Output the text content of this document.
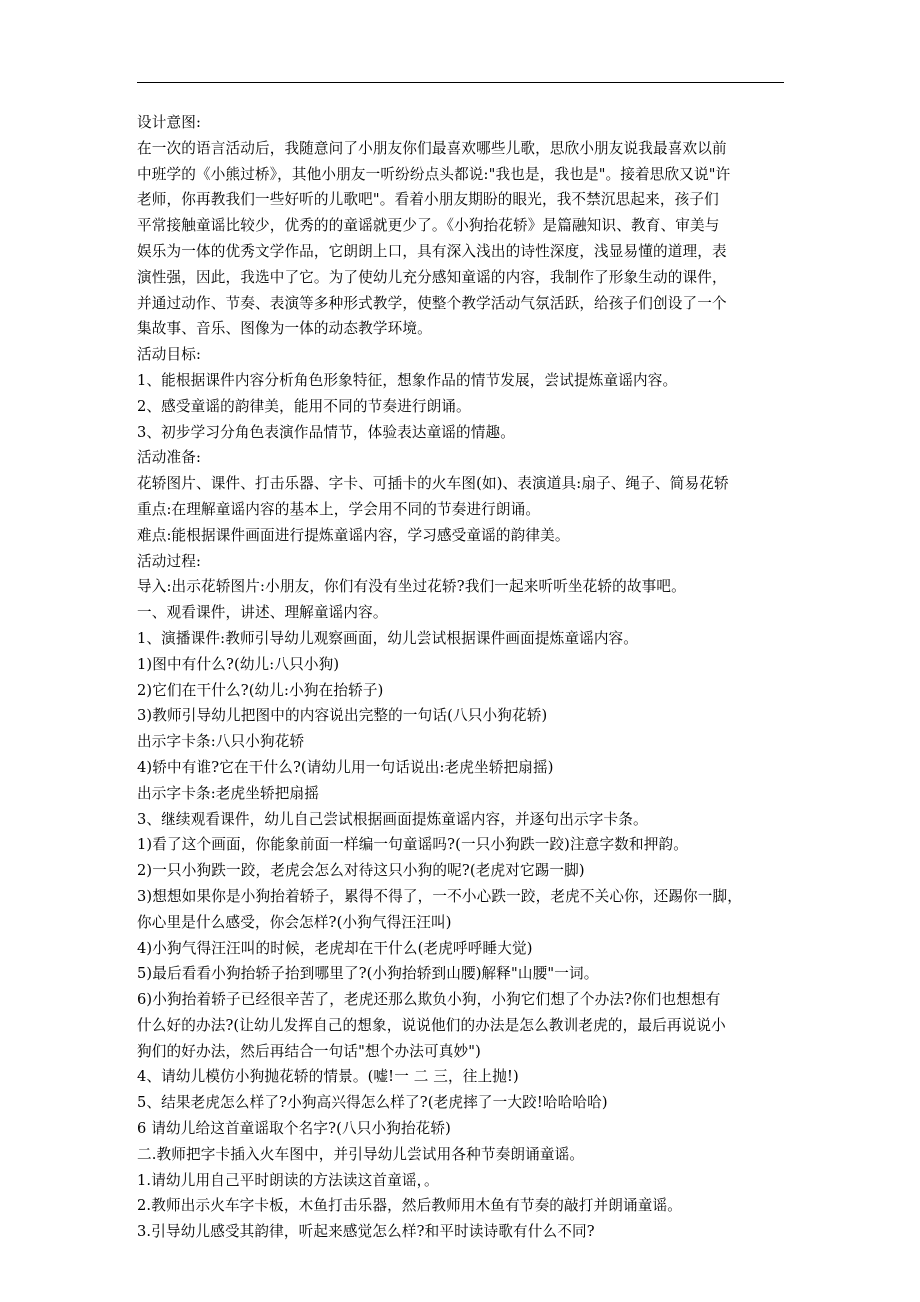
设计意图:
在一次的语言活动后，我随意问了小朋友你们最喜欢哪些儿歌，思欣小朋友说我最喜欢以前
中班学的《小熊过桥》，其他小朋友一听纷纷点头都说:"我也是，我也是"。接着思欣又说"许
老师，你再教我们一些好听的儿歌吧"。看着小朋友期盼的眼光，我不禁沉思起来，孩子们
平常接触童谣比较少，优秀的的童谣就更少了。《小狗抬花轿》是篇融知识、教育、审美与
娱乐为一体的优秀文学作品，它朗朗上口，具有深入浅出的诗性深度，浅显易懂的道理，表
演性强，因此，我选中了它。为了使幼儿充分感知童谣的内容，我制作了形象生动的课件，
并通过动作、节奏、表演等多种形式教学，使整个教学活动气氛活跃，给孩子们创设了一个
集故事、音乐、图像为一体的动态教学环境。
活动目标:
1、能根据课件内容分析角色形象特征，想象作品的情节发展，尝试提炼童谣内容。
2、感受童谣的韵律美，能用不同的节奏进行朗诵。
3、初步学习分角色表演作品情节，体验表达童谣的情趣。
活动准备:
花轿图片、课件、打击乐器、字卡、可插卡的火车图(如)、表演道具:扇子、绳子、简易花轿
重点:在理解童谣内容的基本上，学会用不同的节奏进行朗诵。
难点:能根据课件画面进行提炼童谣内容，学习感受童谣的韵律美。
活动过程:
导入:出示花轿图片:小朋友，你们有没有坐过花轿?我们一起来听听坐花轿的故事吧。
一、观看课件，讲述、理解童谣内容。
1、演播课件:教师引导幼儿观察画面，幼儿尝试根据课件画面提炼童谣内容。
1)图中有什么?(幼儿:八只小狗)
2)它们在干什么?(幼儿:小狗在抬轿子)
3)教师引导幼儿把图中的内容说出完整的一句话(八只小狗花轿)
出示字卡条:八只小狗花轿
4)轿中有谁?它在干什么?(请幼儿用一句话说出:老虎坐轿把扇摇)
出示字卡条:老虎坐轿把扇摇
3、继续观看课件，幼儿自己尝试根据画面提炼童谣内容，并逐句出示字卡条。
1)看了这个画面，你能象前面一样编一句童谣吗?(一只小狗跌一跤)注意字数和押韵。
2)一只小狗跌一跤，老虎会怎么对待这只小狗的呢?(老虎对它踢一脚)
3)想想如果你是小狗抬着轿子，累得不得了，一不小心跌一跤，老虎不关心你，还踢你一脚，
你心里是什么感受，你会怎样?(小狗气得汪汪叫)
4)小狗气得汪汪叫的时候，老虎却在干什么(老虎呼呼睡大觉)
5)最后看看小狗抬轿子抬到哪里了?(小狗抬轿到山腰)解释"山腰"一词。
6)小狗抬着轿子已经很辛苦了，老虎还那么欺负小狗，小狗它们想了个办法?你们也想想有
什么好的办法?(让幼儿发挥自己的想象，说说他们的办法是怎么教训老虎的，最后再说说小
狗们的好办法，然后再结合一句话"想个办法可真妙")
4、请幼儿模仿小狗抛花轿的情景。(嘘!一 二 三，往上抛!)
5、结果老虎怎么样了?小狗高兴得怎么样了?(老虎摔了一大跤!哈哈哈哈)
6 请幼儿给这首童谣取个名字?(八只小狗抬花轿)
二.教师把字卡插入火车图中，并引导幼儿尝试用各种节奏朗诵童谣。
1.请幼儿用自己平时朗读的方法读这首童谣，。
2.教师出示火车字卡板，木鱼打击乐器，然后教师用木鱼有节奏的敲打并朗诵童谣。
3.引导幼儿感受其韵律，听起来感觉怎么样?和平时读诗歌有什么不同?
